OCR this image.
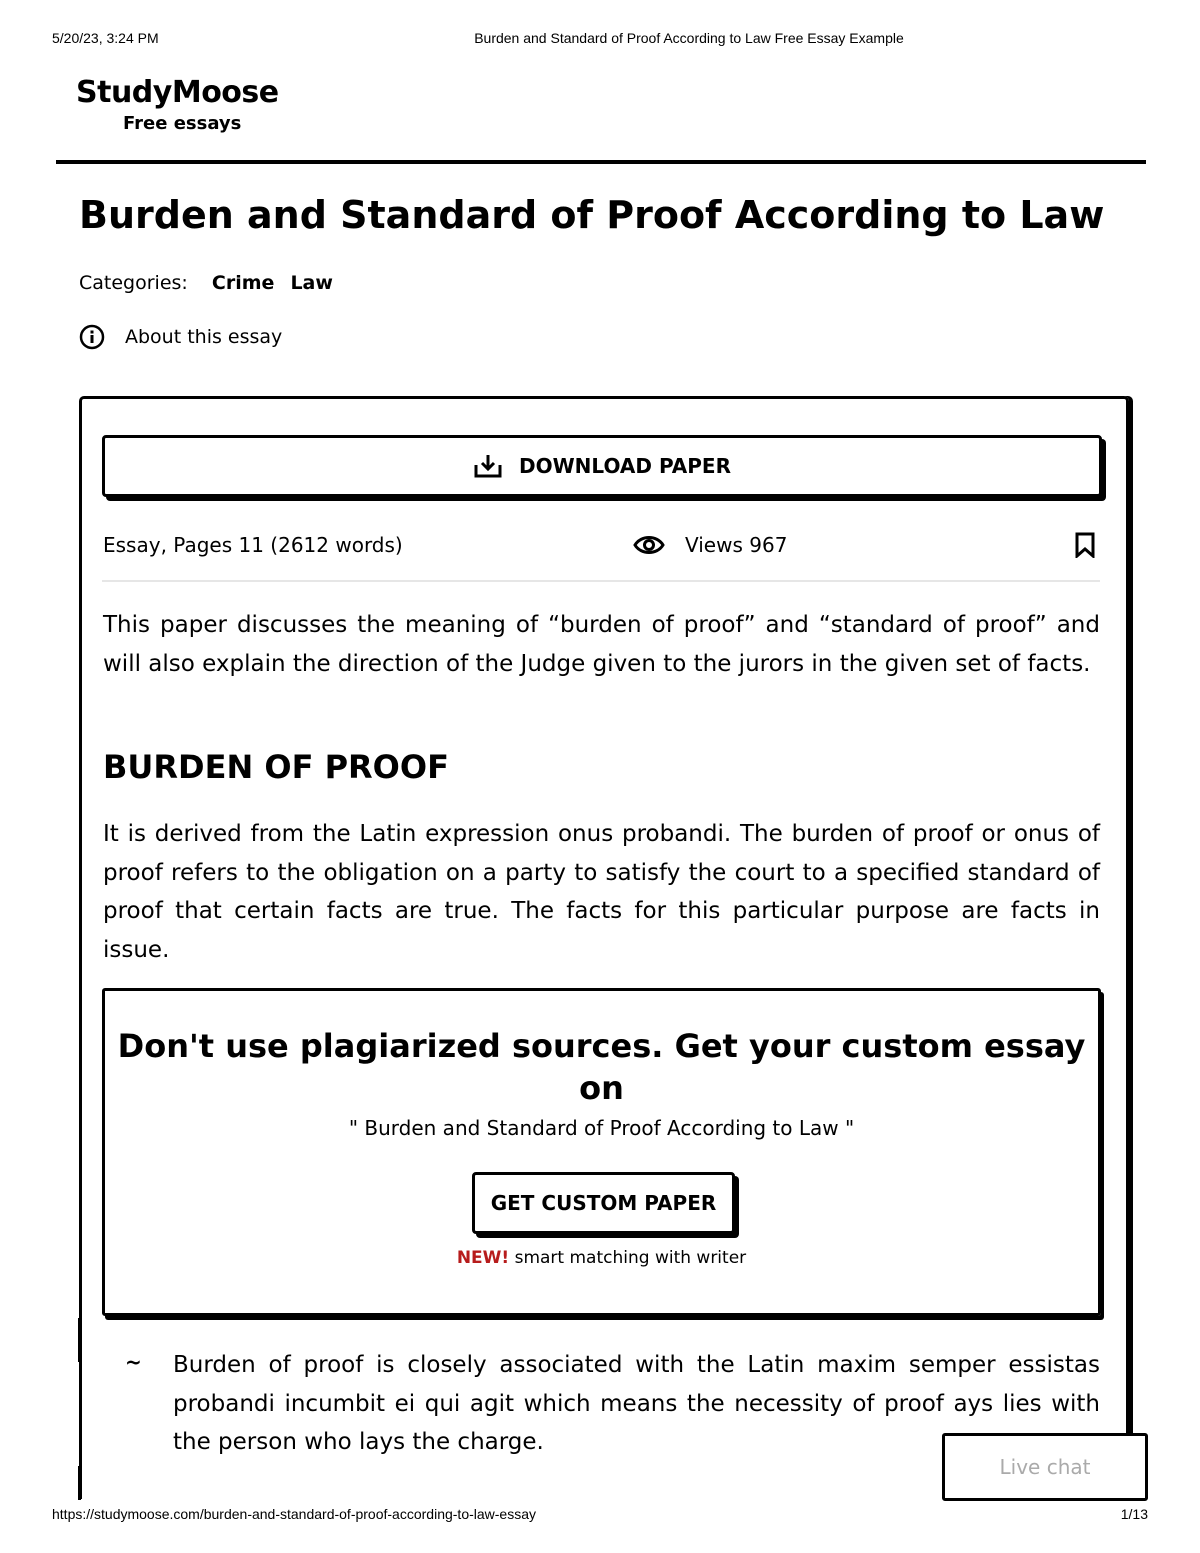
5/20/23, 3:24 PM	Burden and Standard of Proof According to Law Free Essay Example
StudyMoose
Free essays
Burden and Standard of Proof According to Law
Categories: Crime Law
About this essay
DOWNLOAD PAPER
Essay, Pages 11 (2612 words)	Views
967

This paper discusses the meaning of “burden of proof” and “standard of proof” and will also explain the direction of the Judge given to the jurors in the given set of facts.

BURDEN OF PROOF

It is derived from the Latin expression onus probandi. The burden of proof or onus of proof refers to the obligation on a party to satisfy the court to a specified standard of proof that certain facts are true. The facts for this particular purpose are facts in issue.

Don't use plagiarized sources. Get your custom essay on
" Burden and Standard of Proof According to Law "
GET CUSTOM PAPER
NEW! smart matching with writer
~ Burden of proof is closely associated with the Latin maxim semper essistas probandi incumbit ei qui agit which means the necessity of proof ays lies with the person who lays the charge.

Live chat
https://studymoose.com/burden-and-standard-of-proof-according-to-law-essay	1/13
